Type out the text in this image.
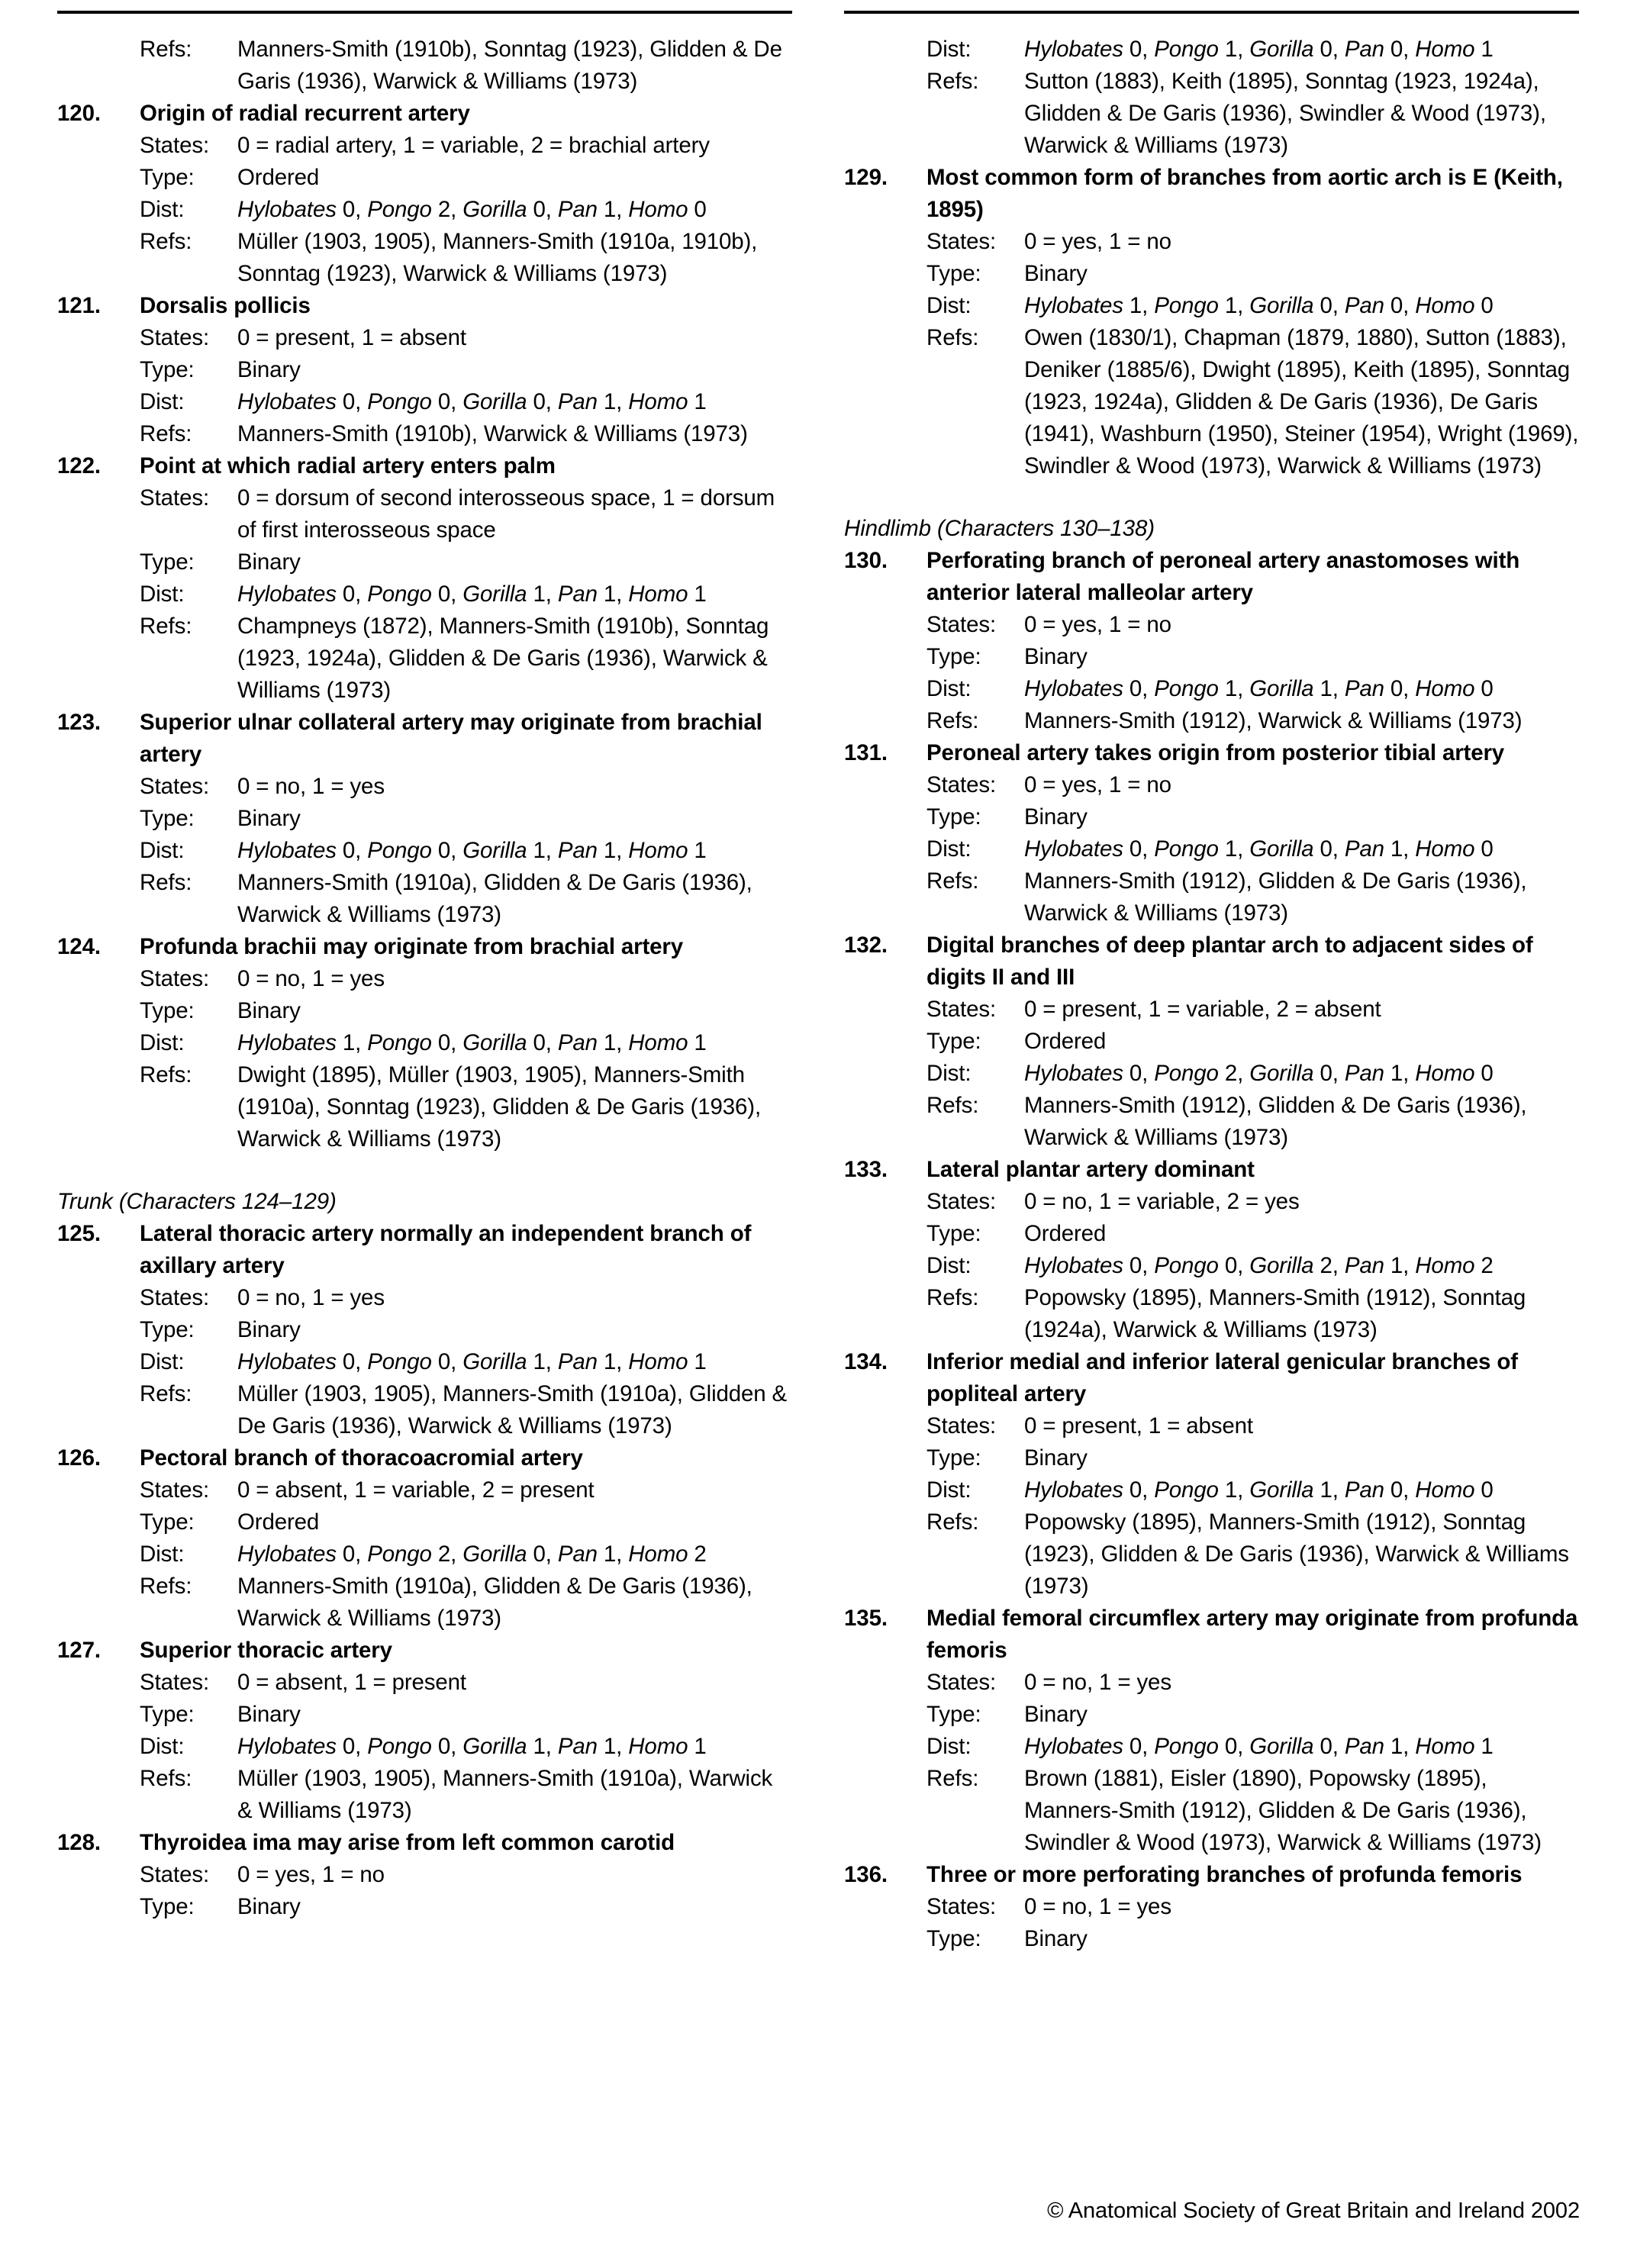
Refs:	Manners-Smith (1910b), Sonntag (1923), Glidden & De Garis (1936), Warwick & Williams (1973)
120.	Origin of radial recurrent artery
States:	0 = radial artery, 1 = variable, 2 = brachial artery
Type:	Ordered
Dist:	Hylobates 0, Pongo 2, Gorilla 0, Pan 1, Homo 0
Refs:	Müller (1903, 1905), Manners-Smith (1910a, 1910b), Sonntag (1923), Warwick & Williams (1973)
121.	Dorsalis pollicis
States:	0 = present, 1 = absent
Type:	Binary
Dist:	Hylobates 0, Pongo 0, Gorilla 0, Pan 1, Homo 1
Refs:	Manners-Smith (1910b), Warwick & Williams (1973)
122.	Point at which radial artery enters palm
States:	0 = dorsum of second interosseous space, 1 = dorsum of first interosseous space
Type:	Binary
Dist:	Hylobates 0, Pongo 0, Gorilla 1, Pan 1, Homo 1
Refs:	Champneys (1872), Manners-Smith (1910b), Sonntag (1923, 1924a), Glidden & De Garis (1936), Warwick & Williams (1973)
123.	Superior ulnar collateral artery may originate from brachial artery
States:	0 = no, 1 = yes
Type:	Binary
Dist:	Hylobates 0, Pongo 0, Gorilla 1, Pan 1, Homo 1
Refs:	Manners-Smith (1910a), Glidden & De Garis (1936), Warwick & Williams (1973)
124.	Profunda brachii may originate from brachial artery
States:	0 = no, 1 = yes
Type:	Binary
Dist:	Hylobates 1, Pongo 0, Gorilla 0, Pan 1, Homo 1
Refs:	Dwight (1895), Müller (1903, 1905), Manners-Smith (1910a), Sonntag (1923), Glidden & De Garis (1936), Warwick & Williams (1973)
Trunk (Characters 124–129)
125.	Lateral thoracic artery normally an independent branch of axillary artery
States:	0 = no, 1 = yes
Type:	Binary
Dist:	Hylobates 0, Pongo 0, Gorilla 1, Pan 1, Homo 1
Refs:	Müller (1903, 1905), Manners-Smith (1910a), Glidden & De Garis (1936), Warwick & Williams (1973)
126.	Pectoral branch of thoracoacromial artery
States:	0 = absent, 1 = variable, 2 = present
Type:	Ordered
Dist:	Hylobates 0, Pongo 2, Gorilla 0, Pan 1, Homo 2
Refs:	Manners-Smith (1910a), Glidden & De Garis (1936), Warwick & Williams (1973)
127.	Superior thoracic artery
States:	0 = absent, 1 = present
Type:	Binary
Dist:	Hylobates 0, Pongo 0, Gorilla 1, Pan 1, Homo 1
Refs:	Müller (1903, 1905), Manners-Smith (1910a), Warwick & Williams (1973)
128.	Thyroidea ima may arise from left common carotid
States:	0 = yes, 1 = no
Type:	Binary
Dist:	Hylobates 0, Pongo 1, Gorilla 0, Pan 0, Homo 1
Refs:	Sutton (1883), Keith (1895), Sonntag (1923, 1924a), Glidden & De Garis (1936), Swindler & Wood (1973), Warwick & Williams (1973)
129.	Most common form of branches from aortic arch is E (Keith, 1895)
States:	0 = yes, 1 = no
Type:	Binary
Dist:	Hylobates 1, Pongo 1, Gorilla 0, Pan 0, Homo 0
Refs:	Owen (1830/1), Chapman (1879, 1880), Sutton (1883), Deniker (1885/6), Dwight (1895), Keith (1895), Sonntag (1923, 1924a), Glidden & De Garis (1936), De Garis (1941), Washburn (1950), Steiner (1954), Wright (1969), Swindler & Wood (1973), Warwick & Williams (1973)
Hindlimb (Characters 130–138)
130.	Perforating branch of peroneal artery anastomoses with anterior lateral malleolar artery
States:	0 = yes, 1 = no
Type:	Binary
Dist:	Hylobates 0, Pongo 1, Gorilla 1, Pan 0, Homo 0
Refs:	Manners-Smith (1912), Warwick & Williams (1973)
131.	Peroneal artery takes origin from posterior tibial artery
States:	0 = yes, 1 = no
Type:	Binary
Dist:	Hylobates 0, Pongo 1, Gorilla 0, Pan 1, Homo 0
Refs:	Manners-Smith (1912), Glidden & De Garis (1936), Warwick & Williams (1973)
132.	Digital branches of deep plantar arch to adjacent sides of digits II and III
States:	0 = present, 1 = variable, 2 = absent
Type:	Ordered
Dist:	Hylobates 0, Pongo 2, Gorilla 0, Pan 1, Homo 0
Refs:	Manners-Smith (1912), Glidden & De Garis (1936), Warwick & Williams (1973)
133.	Lateral plantar artery dominant
States:	0 = no, 1 = variable, 2 = yes
Type:	Ordered
Dist:	Hylobates 0, Pongo 0, Gorilla 2, Pan 1, Homo 2
Refs:	Popowsky (1895), Manners-Smith (1912), Sonntag (1924a), Warwick & Williams (1973)
134.	Inferior medial and inferior lateral genicular branches of popliteal artery
States:	0 = present, 1 = absent
Type:	Binary
Dist:	Hylobates 0, Pongo 1, Gorilla 1, Pan 0, Homo 0
Refs:	Popowsky (1895), Manners-Smith (1912), Sonntag (1923), Glidden & De Garis (1936), Warwick & Williams (1973)
135.	Medial femoral circumflex artery may originate from profunda femoris
States:	0 = no, 1 = yes
Type:	Binary
Dist:	Hylobates 0, Pongo 0, Gorilla 0, Pan 1, Homo 1
Refs:	Brown (1881), Eisler (1890), Popowsky (1895), Manners-Smith (1912), Glidden & De Garis (1936), Swindler & Wood (1973), Warwick & Williams (1973)
136.	Three or more perforating branches of profunda femoris
States:	0 = no, 1 = yes
Type:	Binary
© Anatomical Society of Great Britain and Ireland 2002
